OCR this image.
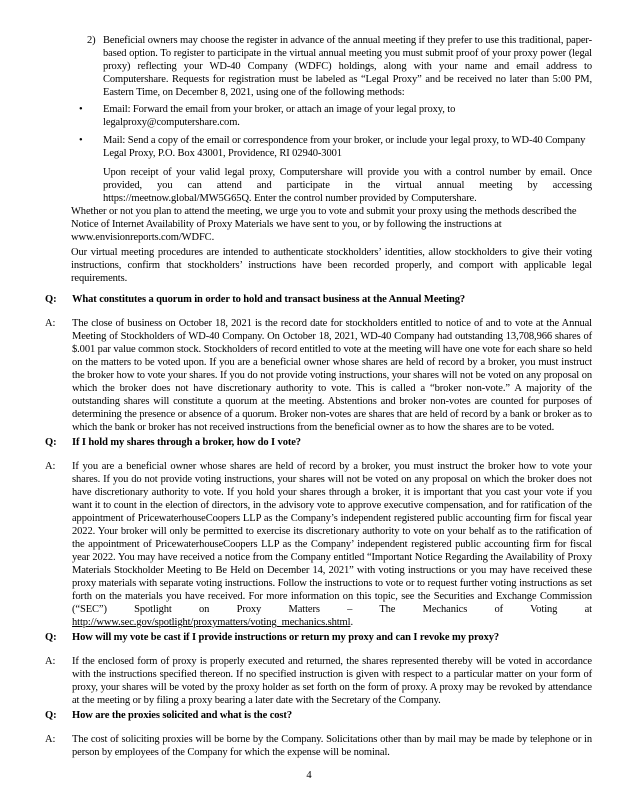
2) Beneficial owners may choose the register in advance of the annual meeting if they prefer to use this traditional, paper-based option. To register to participate in the virtual annual meeting you must submit proof of your proxy power (legal proxy) reflecting your WD-40 Company (WDFC) holdings, along with your name and email address to Computershare. Requests for registration must be labeled as “Legal Proxy” and be received no later than 5:00 PM, Eastern Time, on December 8, 2021, using one of the following methods:
•	Email: Forward the email from your broker, or attach an image of your legal proxy, to legalproxy@computershare.com.
•	Mail: Send a copy of the email or correspondence from your broker, or include your legal proxy, to WD-40 Company Legal Proxy, P.O. Box 43001, Providence, RI 02940-3001
Upon receipt of your valid legal proxy, Computershare will provide you with a control number by email. Once provided, you can attend and participate in the virtual annual meeting by accessing https://meetnow.global/MW5G65Q. Enter the control number provided by Computershare.
Whether or not you plan to attend the meeting, we urge you to vote and submit your proxy using the methods described the Notice of Internet Availability of Proxy Materials we have sent to you, or by following the instructions at www.envisionreports.com/WDFC.
Our virtual meeting procedures are intended to authenticate stockholders’ identities, allow stockholders to give their voting instructions, confirm that stockholders’ instructions have been recorded properly, and comport with applicable legal requirements.
Q:	What constitutes a quorum in order to hold and transact business at the Annual Meeting?
A:	The close of business on October 18, 2021 is the record date for stockholders entitled to notice of and to vote at the Annual Meeting of Stockholders of WD-40 Company. On October 18, 2021, WD-40 Company had outstanding 13,708,966 shares of $.001 par value common stock. Stockholders of record entitled to vote at the meeting will have one vote for each share so held on the matters to be voted upon. If you are a beneficial owner whose shares are held of record by a broker, you must instruct the broker how to vote your shares. If you do not provide voting instructions, your shares will not be voted on any proposal on which the broker does not have discretionary authority to vote. This is called a “broker non-vote.” A majority of the outstanding shares will constitute a quorum at the meeting. Abstentions and broker non-votes are counted for purposes of determining the presence or absence of a quorum. Broker non-votes are shares that are held of record by a bank or broker as to which the bank or broker has not received instructions from the beneficial owner as to how the shares are to be voted.
Q:	If I hold my shares through a broker, how do I vote?
A:	If you are a beneficial owner whose shares are held of record by a broker, you must instruct the broker how to vote your shares. If you do not provide voting instructions, your shares will not be voted on any proposal on which the broker does not have discretionary authority to vote. If you hold your shares through a broker, it is important that you cast your vote if you want it to count in the election of directors, in the advisory vote to approve executive compensation, and for ratification of the appointment of PricewaterhouseCoopers LLP as the Company’s independent registered public accounting firm for fiscal year 2022. Your broker will only be permitted to exercise its discretionary authority to vote on your behalf as to the ratification of the appointment of PricewaterhouseCoopers LLP as the Company’ independent registered public accounting firm for fiscal year 2022. You may have received a notice from the Company entitled “Important Notice Regarding the Availability of Proxy Materials Stockholder Meeting to Be Held on December 14, 2021” with voting instructions or you may have received these proxy materials with separate voting instructions. Follow the instructions to vote or to request further voting instructions as set forth on the materials you have received. For more information on this topic, see the Securities and Exchange Commission (“SEC”) Spotlight on Proxy Matters – The Mechanics of Voting at http://www.sec.gov/spotlight/proxymatters/voting_mechanics.shtml.
Q:	How will my vote be cast if I provide instructions or return my proxy and can I revoke my proxy?
A:	If the enclosed form of proxy is properly executed and returned, the shares represented thereby will be voted in accordance with the instructions specified thereon. If no specified instruction is given with respect to a particular matter on your form of proxy, your shares will be voted by the proxy holder as set forth on the form of proxy. A proxy may be revoked by attendance at the meeting or by filing a proxy bearing a later date with the Secretary of the Company.
Q:	How are the proxies solicited and what is the cost?
A:	The cost of soliciting proxies will be borne by the Company. Solicitations other than by mail may be made by telephone or in person by employees of the Company for which the expense will be nominal.
4
